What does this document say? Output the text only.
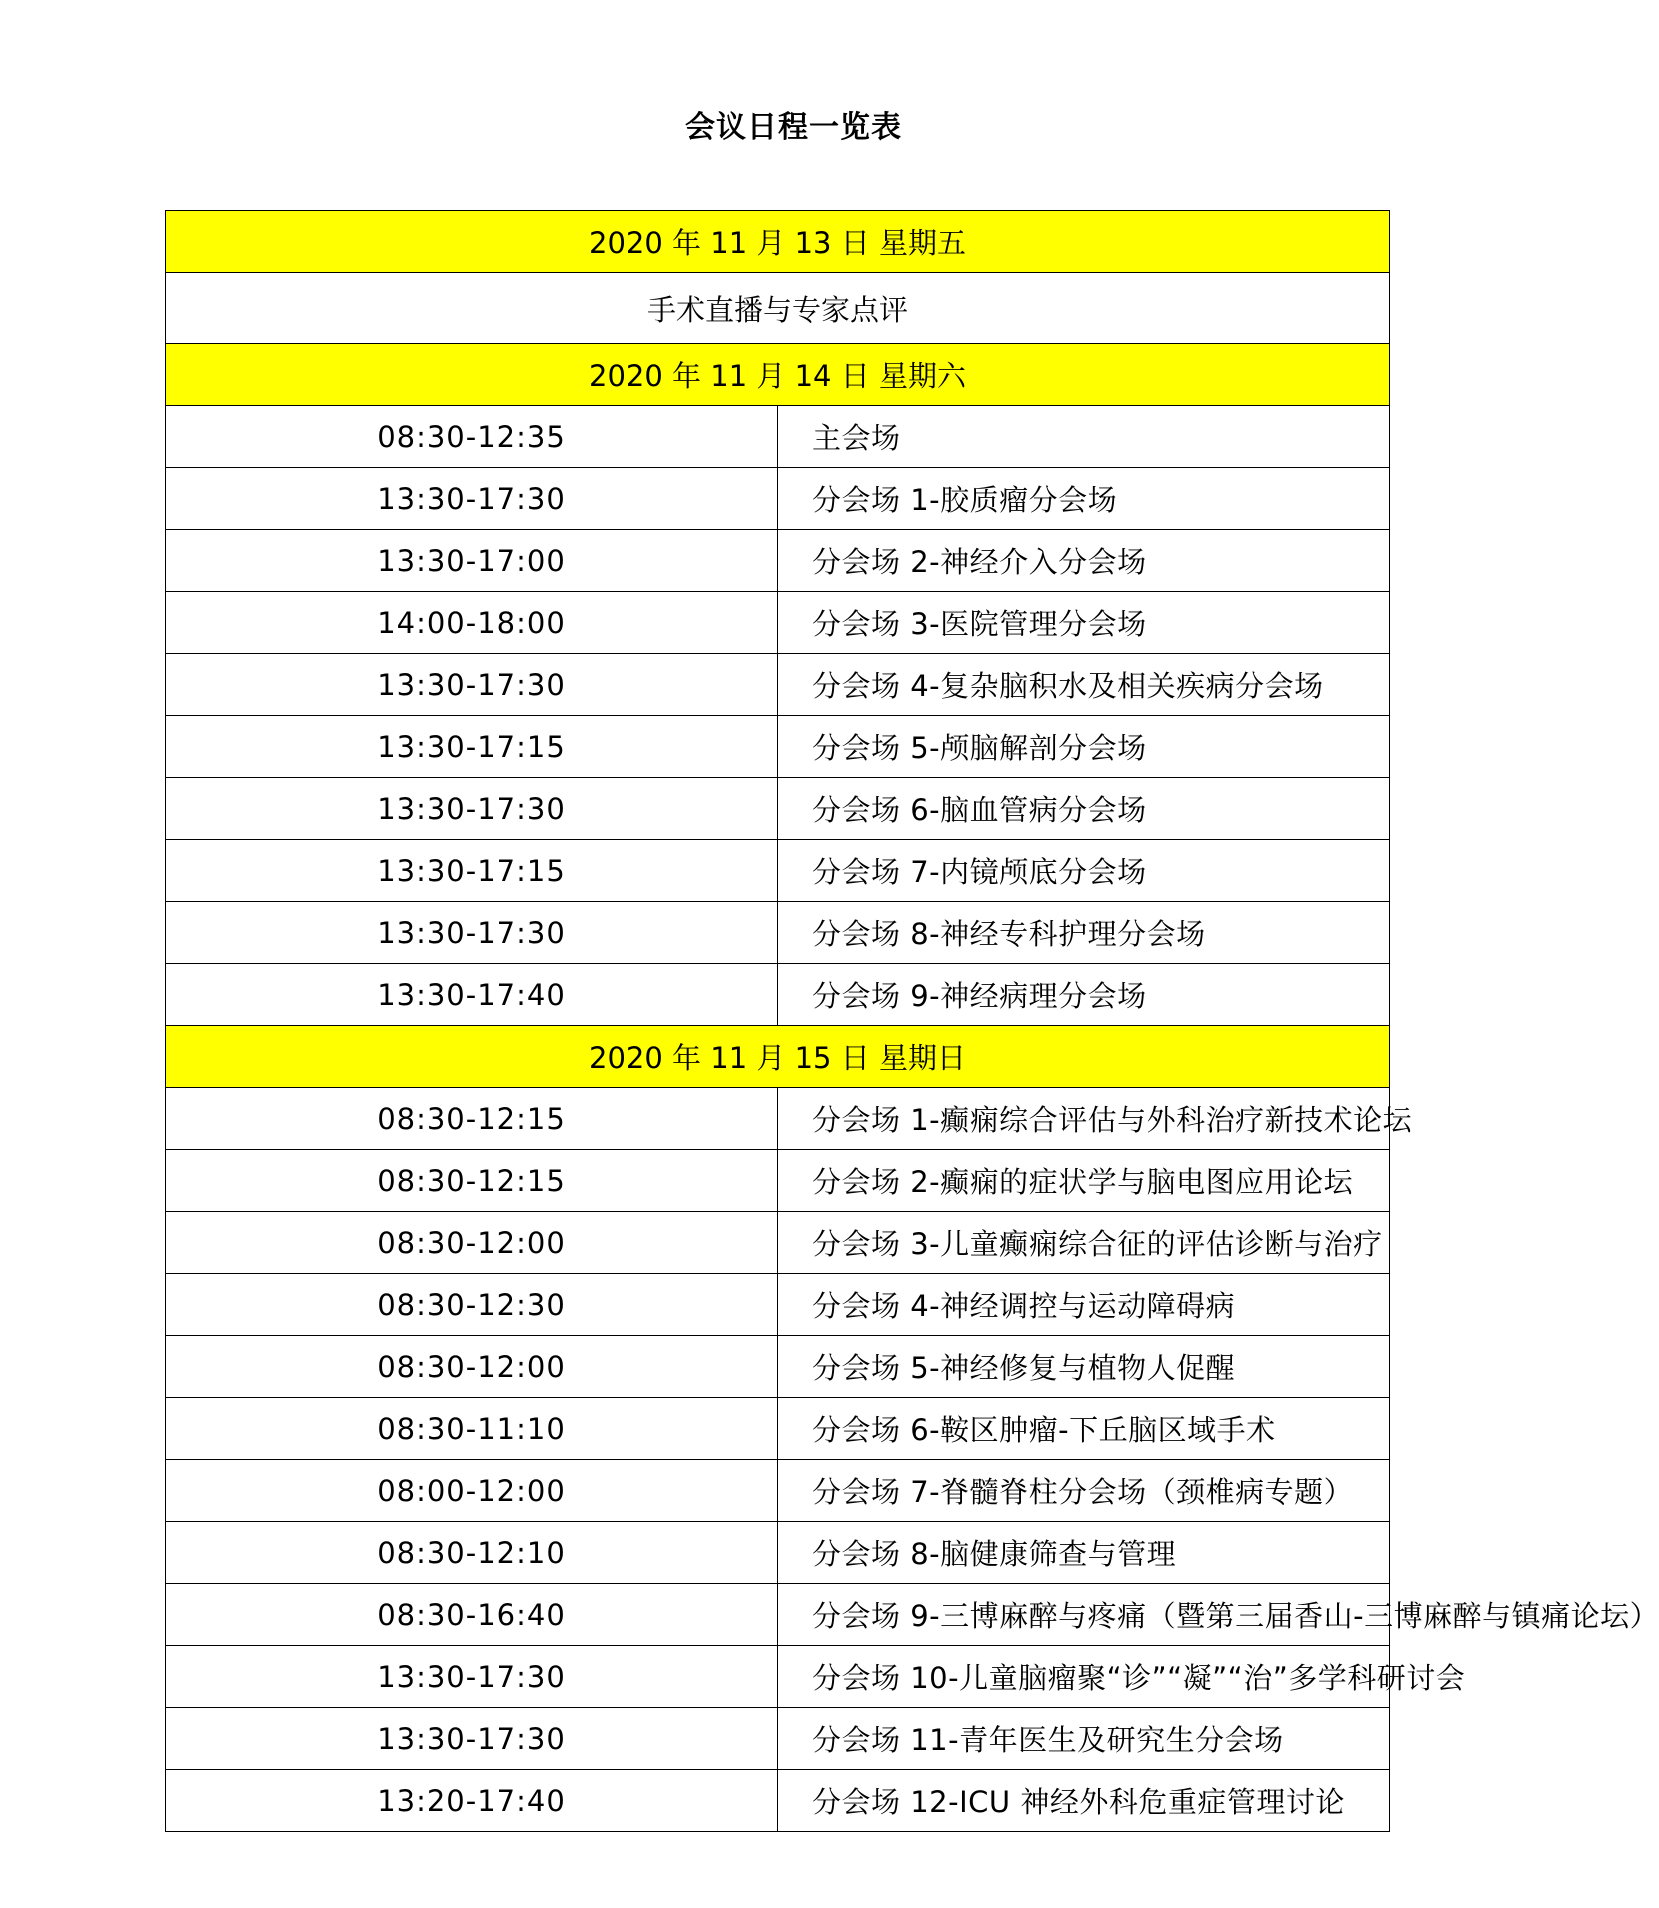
会议日程一览表
2020 年 11 月 13 日 星期五	
手术直播与专家点评	
2020 年 11 月 14 日 星期六	
08:30-12:35	主会场
13:30-17:30	分会场 1-胶质瘤分会场
13:30-17:00	分会场 2-神经介入分会场
14:00-18:00	分会场 3-医院管理分会场
13:30-17:30	分会场 4-复杂脑积水及相关疾病分会场
13:30-17:15	分会场 5-颅脑解剖分会场
13:30-17:30	分会场 6-脑血管病分会场
13:30-17:15	分会场 7-内镜颅底分会场
13:30-17:30	分会场 8-神经专科护理分会场
13:30-17:40	分会场 9-神经病理分会场
2020 年 11 月 15 日 星期日	
08:30-12:15	分会场 1-癫痫综合评估与外科治疗新技术论坛
08:30-12:15	分会场 2-癫痫的症状学与脑电图应用论坛
08:30-12:00	分会场 3-儿童癫痫综合征的评估诊断与治疗
08:30-12:30	分会场 4-神经调控与运动障碍病
08:30-12:00	分会场 5-神经修复与植物人促醒
08:30-11:10	分会场 6-鞍区肿瘤-下丘脑区域手术
08:00-12:00	分会场 7-脊髓脊柱分会场（颈椎病专题）
08:30-12:10	分会场 8-脑健康筛查与管理
08:30-16:40	分会场 9-三博麻醉与疼痛（暨第三届香山-三博麻醉与镇痛论坛）
13:30-17:30	分会场 10-儿童脑瘤聚“诊”“凝”“治”多学科研讨会
13:30-17:30	分会场 11-青年医生及研究生分会场
13:20-17:40	分会场 12-ICU 神经外科危重症管理讨论
